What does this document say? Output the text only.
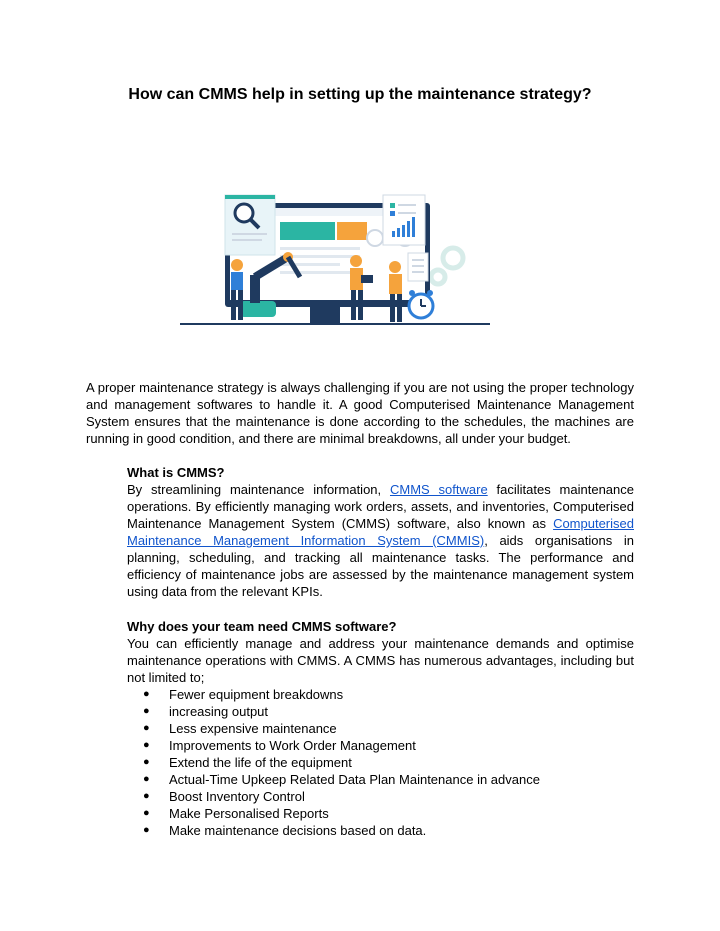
How can CMMS help in setting up the maintenance strategy?

A proper maintenance strategy is always challenging if you are not using the proper technology and management softwares to handle it. A good Computerised Maintenance Management System ensures that the maintenance is done according to the schedules, the machines are running in good condition, and there are minimal breakdowns, all under your budget.

What is CMMS?

By streamlining maintenance information, CMMS software facilitates maintenance operations. By efficiently managing work orders, assets, and inventories, Computerised Maintenance Management System (CMMS) software, also known as Computerised Maintenance Management Information System (CMMIS), aids organisations in planning, scheduling, and tracking all maintenance tasks. The performance and efficiency of maintenance jobs are assessed by the maintenance management system using data from the relevant KPIs.

Why does your team need CMMS software?

You can efficiently manage and address your maintenance demands and optimise maintenance operations with CMMS. A CMMS has numerous advantages, including but not limited to;

● Fewer equipment breakdowns
● increasing output
● Less expensive maintenance
● Improvements to Work Order Management
● Extend the life of the equipment
● Actual-Time Upkeep Related Data Plan Maintenance in advance
● Boost Inventory Control
● Make Personalised Reports
● Make maintenance decisions based on data.
